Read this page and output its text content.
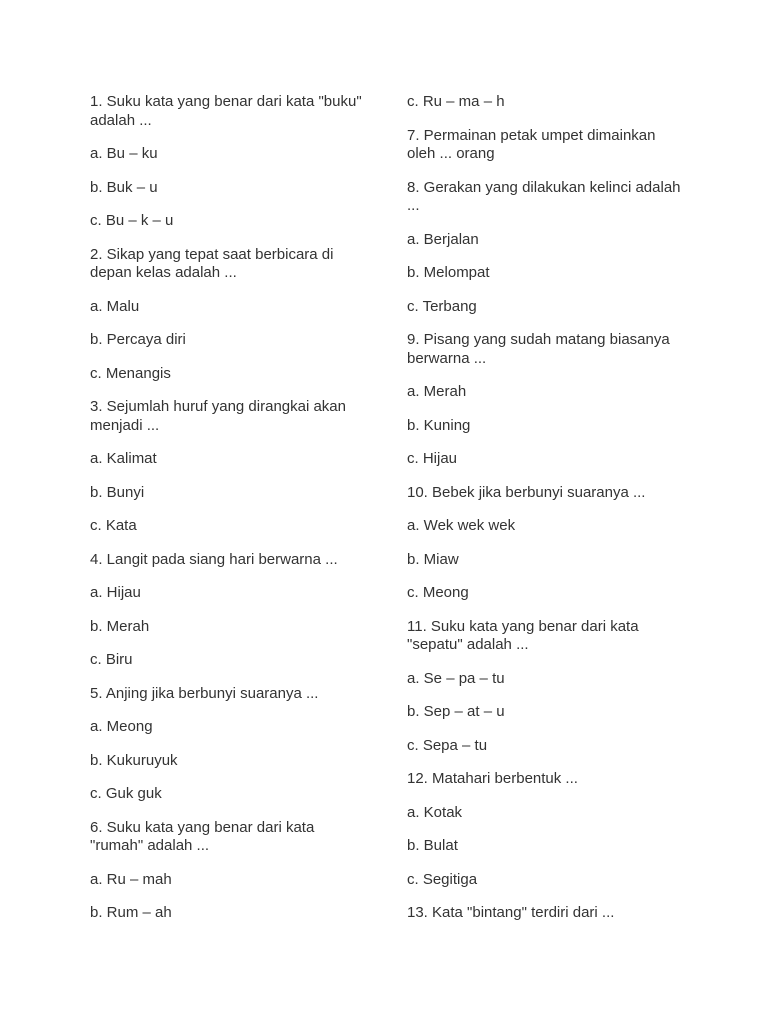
1. Suku kata yang benar dari kata "buku" adalah ...

a. Bu – ku

b. Buk – u

c. Bu – k – u

2. Sikap yang tepat saat berbicara di depan kelas adalah ...

a. Malu

b. Percaya diri

c. Menangis

3. Sejumlah huruf yang dirangkai akan menjadi ...

a. Kalimat

b. Bunyi

c. Kata

4. Langit pada siang hari berwarna ...

a. Hijau

b. Merah

c. Biru

5. Anjing jika berbunyi suaranya ...

a. Meong

b. Kukuruyuk

c. Guk guk

6. Suku kata yang benar dari kata "rumah" adalah ...

a. Ru – mah

b. Rum – ah

c. Ru – ma – h

7. Permainan petak umpet dimainkan oleh ... orang

8. Gerakan yang dilakukan kelinci adalah ...

a. Berjalan

b. Melompat

c. Terbang

9. Pisang yang sudah matang biasanya berwarna ...

a. Merah

b. Kuning

c. Hijau

10. Bebek jika berbunyi suaranya ...

a. Wek wek wek

b. Miaw

c. Meong

11. Suku kata yang benar dari kata "sepatu" adalah ...

a. Se – pa – tu

b. Sep – at – u

c. Sepa – tu

12. Matahari berbentuk ...

a. Kotak

b. Bulat

c. Segitiga

13. Kata "bintang" terdiri dari ...
